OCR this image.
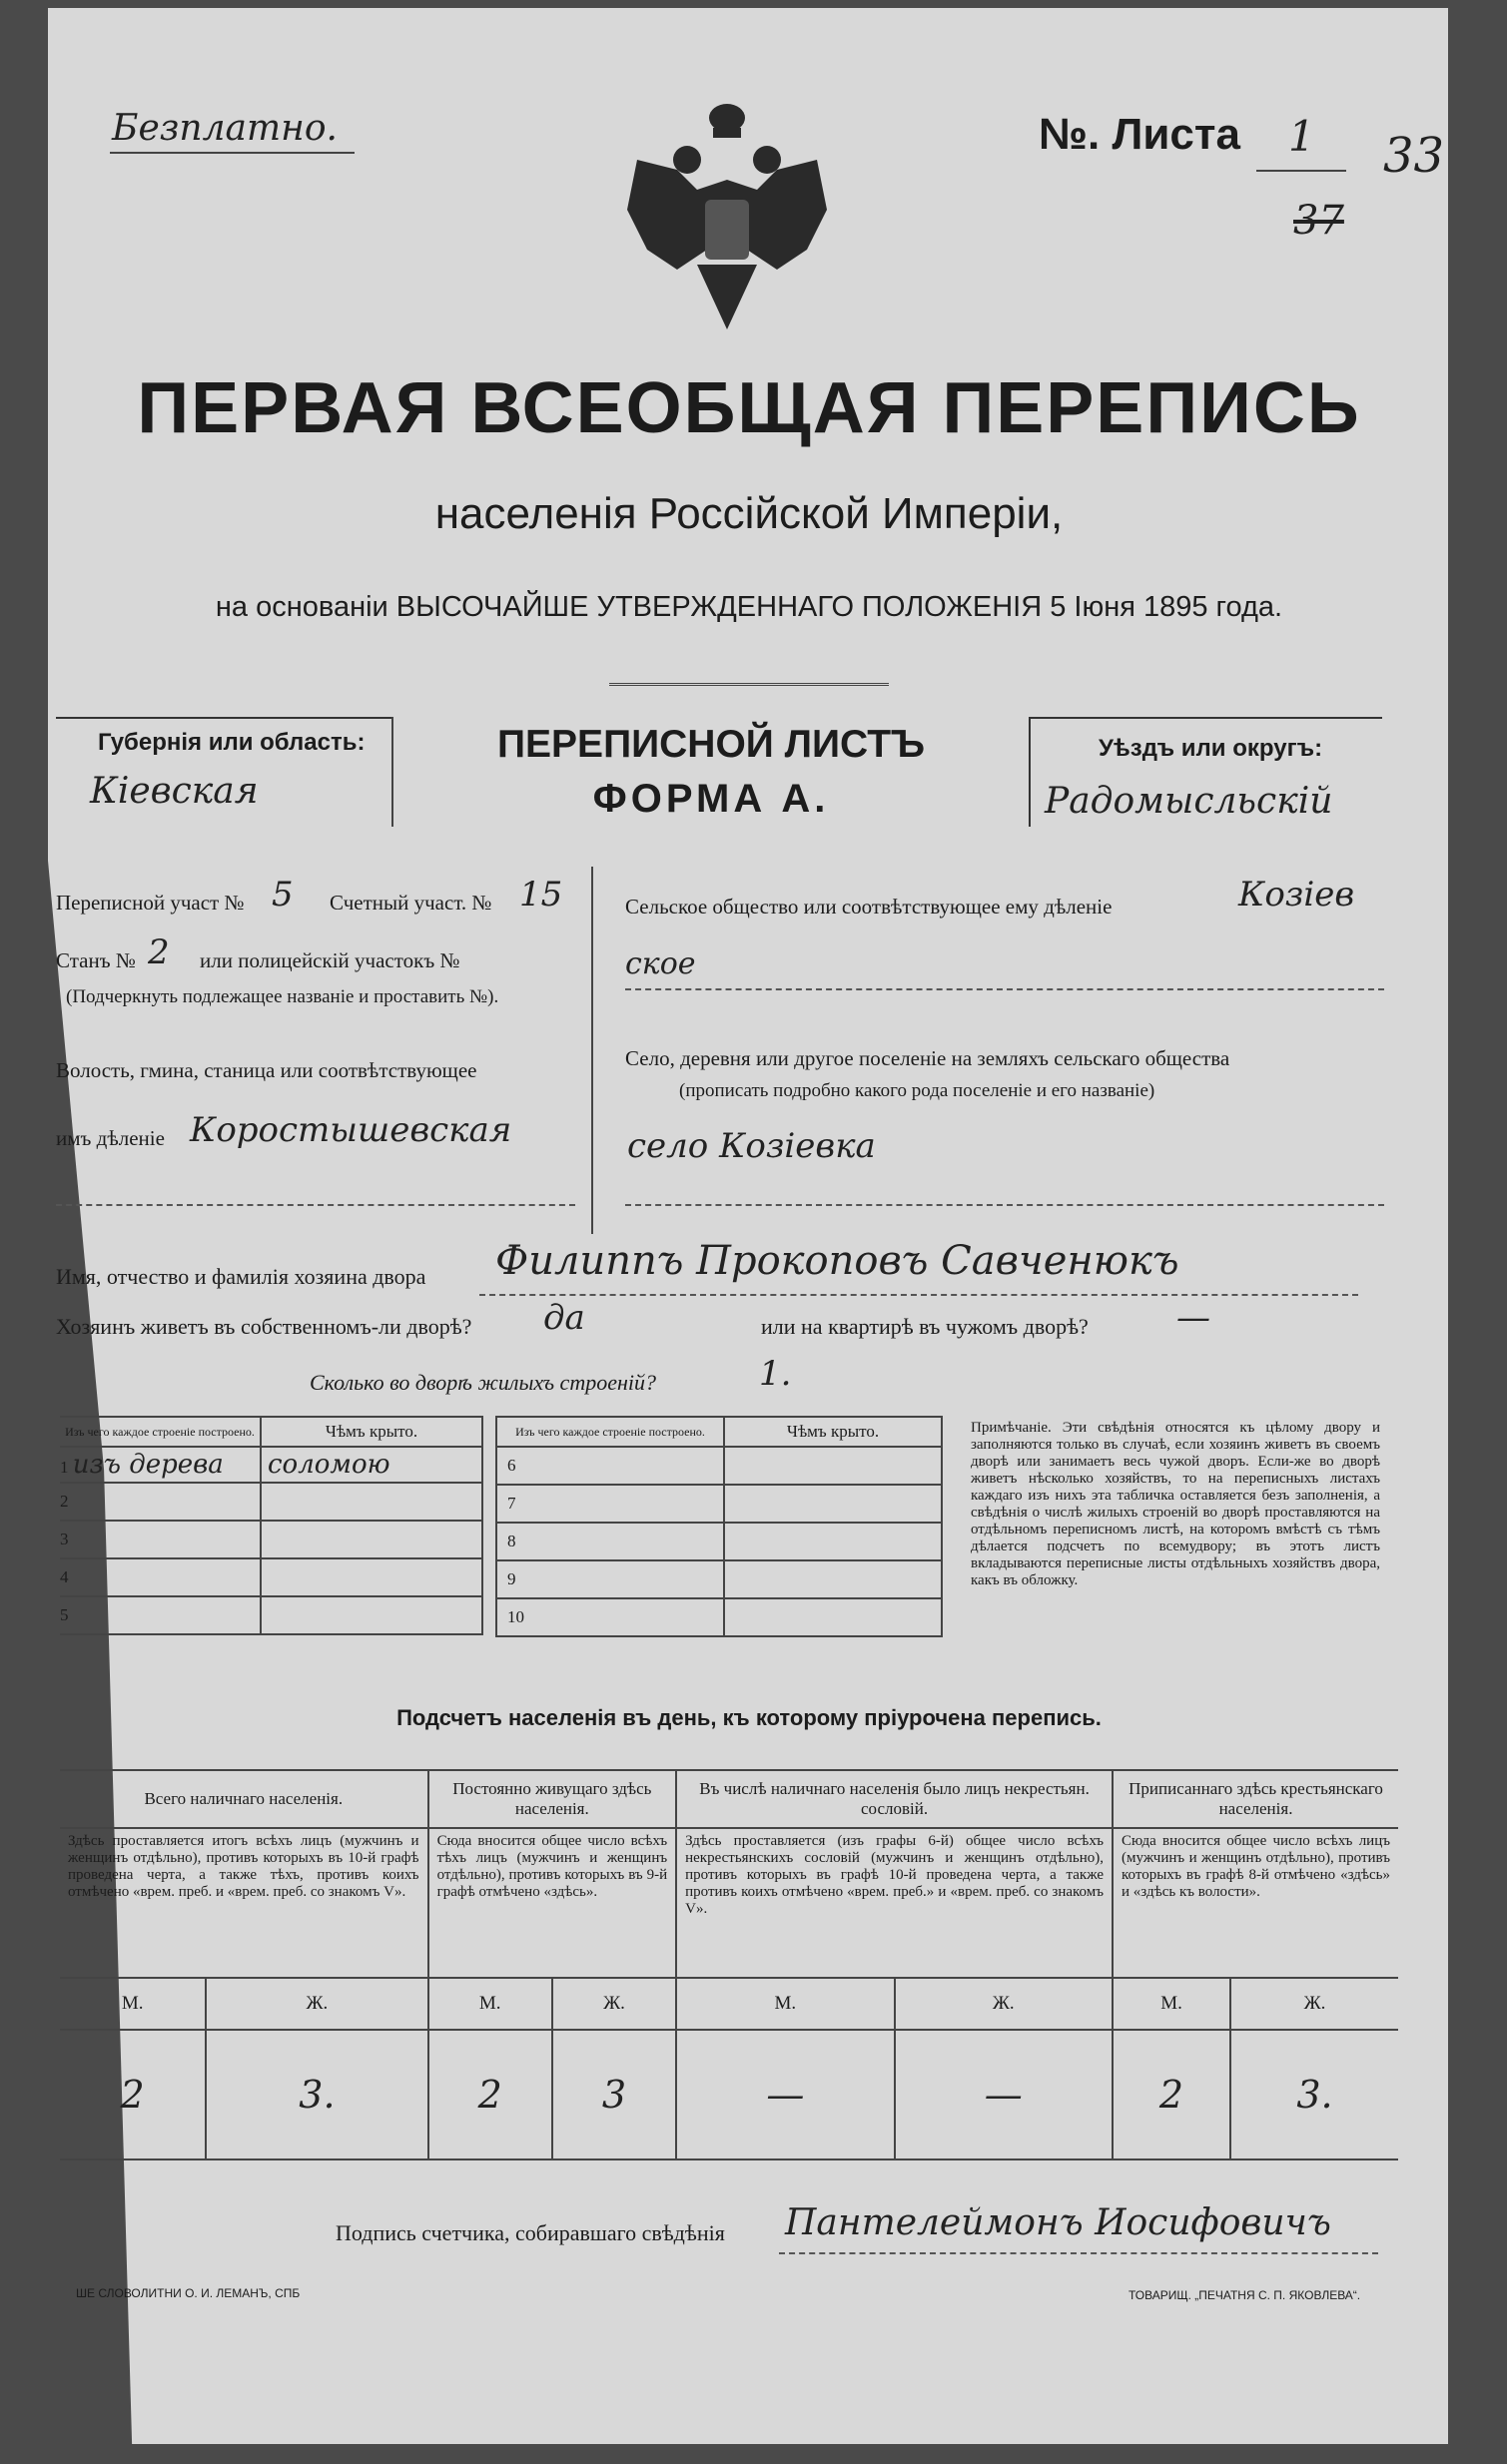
Безплатно.	№. Листа 1 33
37
ПЕРВАЯ ВСЕОБЩАЯ ПЕРЕПИСЬ
населенія Россійской Имперіи,
на основаніи ВЫСОЧАЙШЕ УТВЕРЖДЕННАГО ПОЛОЖЕНІЯ 5 Іюня 1895 года.
Губернія или область:
Кіевская
ПЕРЕПИСНОЙ ЛИСТЪ
ФОРМА А.
Уѣздъ или округъ:
Радомысльскій
Переписной участ № 5 Счетный участ. № 15
Станъ № 2 или полицейскій участокъ №
(Подчеркнуть подлежащее названіе и проставить №).
Волость, гмина, станица или соотвѣтствующее
имъ дѣленіе Коростышевская
Сельское общество или соотвѣтствующее ему дѣленіе	Козіев
ское
Село, деревня или другое поселеніе на земляхъ сельскаго общества
(прописать подробно какого рода поселеніе и его названіе)
село Козіевка
Имя, отчество и фамилія хозяина двора Филиппъ Прокоповъ Савченюкъ
Хозяинъ живетъ въ собственномъ-ли дворѣ? да	или на квартирѣ въ чужомъ дворѣ?	—
Сколько во дворѣ жилыхъ строеній?	1.
Изъ чего каждое строеніе построено.	Чѣмъ крыто.
1 изъ дерева	соломою
2	
3	
4	
5	
Изъ чего каждое строеніе построено.	Чѣмъ крыто.
6	
7	
8	
9	
10	
Примѣчаніе. Эти свѣдѣнія относятся къ цѣлому двору и заполняются только въ случаѣ, если хозяинъ живетъ въ своемъ дворѣ или занимаетъ весь чужой дворъ. Если-же во дворѣ живетъ нѣсколько хозяйствъ, то на переписныхъ листахъ каждаго изъ нихъ эта табличка оставляется безъ заполненія, а свѣдѣнія о числѣ жилыхъ строеній во дворѣ проставляются на отдѣльномъ переписномъ листѣ, на которомъ вмѣстѣ съ тѣмъ дѣлается подсчетъ по всемудвору; въ этотъ листъ вкладываются переписные листы отдѣльныхъ хозяйствъ двора, какъ въ обложку.
Подсчетъ населенія въ день, къ которому пріурочена перепись.
Всего наличнаго населенія.		Постоянно живущаго здѣсь населенія.		Въ числѣ наличнаго населенія было лицъ некрестьян. сословій.		Приписаннаго здѣсь крестьянскаго населенія.	
Здѣсь проставляется итогъ всѣхъ лицъ (мужчинъ и женщинъ отдѣльно), противъ которыхъ въ 10-й графѣ проведена черта, а также тѣхъ, противъ коихъ отмѣчено «врем. преб. и «врем. преб. со знакомъ V».		Сюда вносится общее число всѣхъ тѣхъ лицъ (мужчинъ и женщинъ отдѣльно), противъ которыхъ въ 9-й графѣ отмѣчено «здѣсь».		Здѣсь проставляется (изъ графы 6-й) общее число всѣхъ некрестьянскихъ сословій (мужчинъ и женщинъ отдѣльно), противъ которыхъ въ графѣ 10-й проведена черта, а также противъ коихъ отмѣчено «врем. преб.» и «врем. преб. со знакомъ V».		Сюда вносится общее число всѣхъ лицъ (мужчинъ и женщинъ отдѣльно), противъ которыхъ въ графѣ 8-й отмѣчено «здѣсь» и «здѣсь къ волости».	
М.	Ж.	М.	Ж.	М.	Ж.	М.	Ж.
2	3.	2	3	—	—	2	3.
Подпись счетчика, собиравшаго свѣдѣнія Пантелеймонъ Иосифовичъ
ШЕ СЛОВОЛИТНИ О. И. ЛЕМАНЪ, СПБ	ТОВАРИЩ. „ПЕЧАТНЯ С. П. ЯКОВЛЕВА“.
